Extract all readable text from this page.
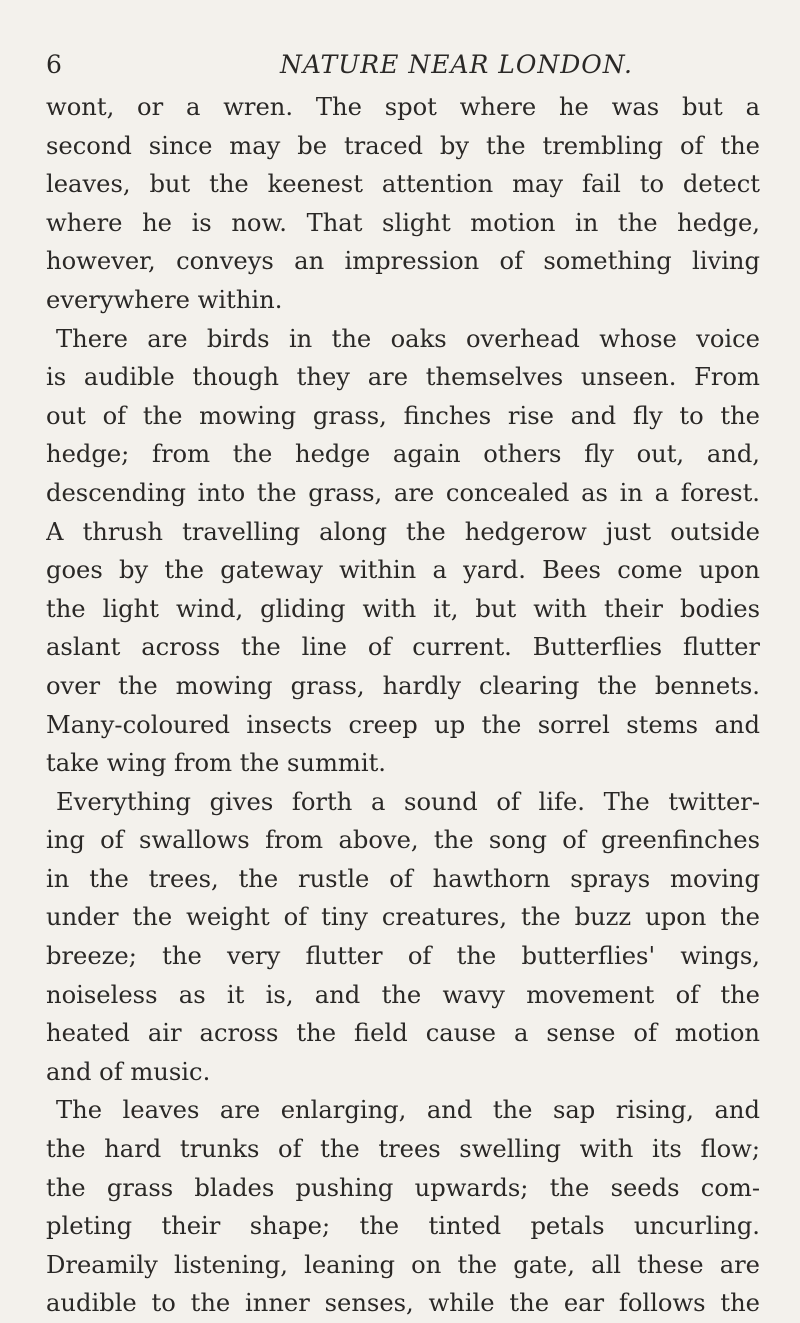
6	NATURE NEAR LONDON.
wont, or a wren. The spot where he was but a
second since may be traced by the trembling of the
leaves, but the keenest attention may fail to detect
where he is now. That slight motion in the hedge,
however, conveys an impression of something living
everywhere within.
There are birds in the oaks overhead whose voice
is audible though they are themselves unseen. From
out of the mowing grass, finches rise and fly to the
hedge; from the hedge again others fly out, and,
descending into the grass, are concealed as in a forest.
A thrush travelling along the hedgerow just outside
goes by the gateway within a yard. Bees come upon
the light wind, gliding with it, but with their bodies
aslant across the line of current. Butterflies flutter
over the mowing grass, hardly clearing the bennets.
Many-coloured insects creep up the sorrel stems and
take wing from the summit.
Everything gives forth a sound of life. The twitter-
ing of swallows from above, the song of greenfinches
in the trees, the rustle of hawthorn sprays moving
under the weight of tiny creatures, the buzz upon the
breeze; the very flutter of the butterflies' wings,
noiseless as it is, and the wavy movement of the
heated air across the field cause a sense of motion
and of music.
The leaves are enlarging, and the sap rising, and
the hard trunks of the trees swelling with its flow;
the grass blades pushing upwards; the seeds com-
pleting their shape; the tinted petals uncurling.
Dreamily listening, leaning on the gate, all these are
audible to the inner senses, while the ear follows the
